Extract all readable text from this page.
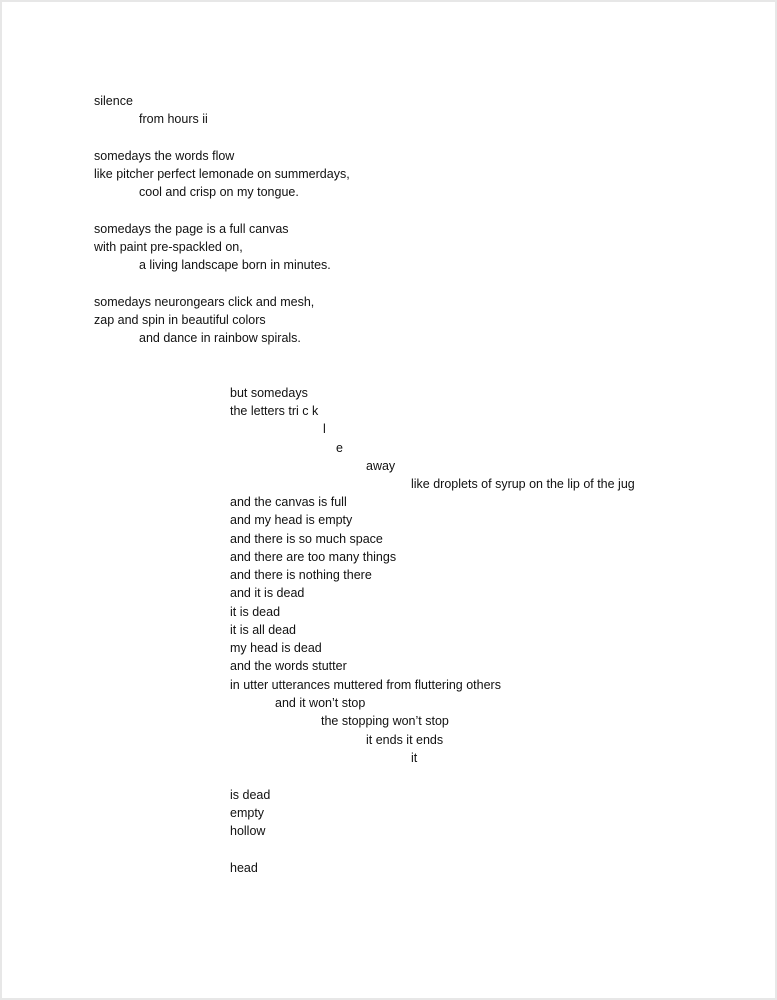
silence

from hours ii

somedays the words flow

like pitcher perfect lemonade on summerdays,

cool and crisp on my tongue.

somedays the page is a full canvas

with paint pre-spackled on,

a living landscape born in minutes.

somedays neurongears click and mesh,

zap and spin in beautiful colors

and dance in rainbow spirals.

but somedays

the letters tri c k

l

e

away

like droplets of syrup on the lip of the jug

and the canvas is full

and my head is empty

and there is so much space

and there are too many things

and there is nothing there

and it is dead

it is dead

it is all dead

my head is dead

and the words stutter

in utter utterances muttered from fluttering others

and it won’t stop

the stopping won’t stop

it ends it ends

it

is dead

empty

hollow

head
